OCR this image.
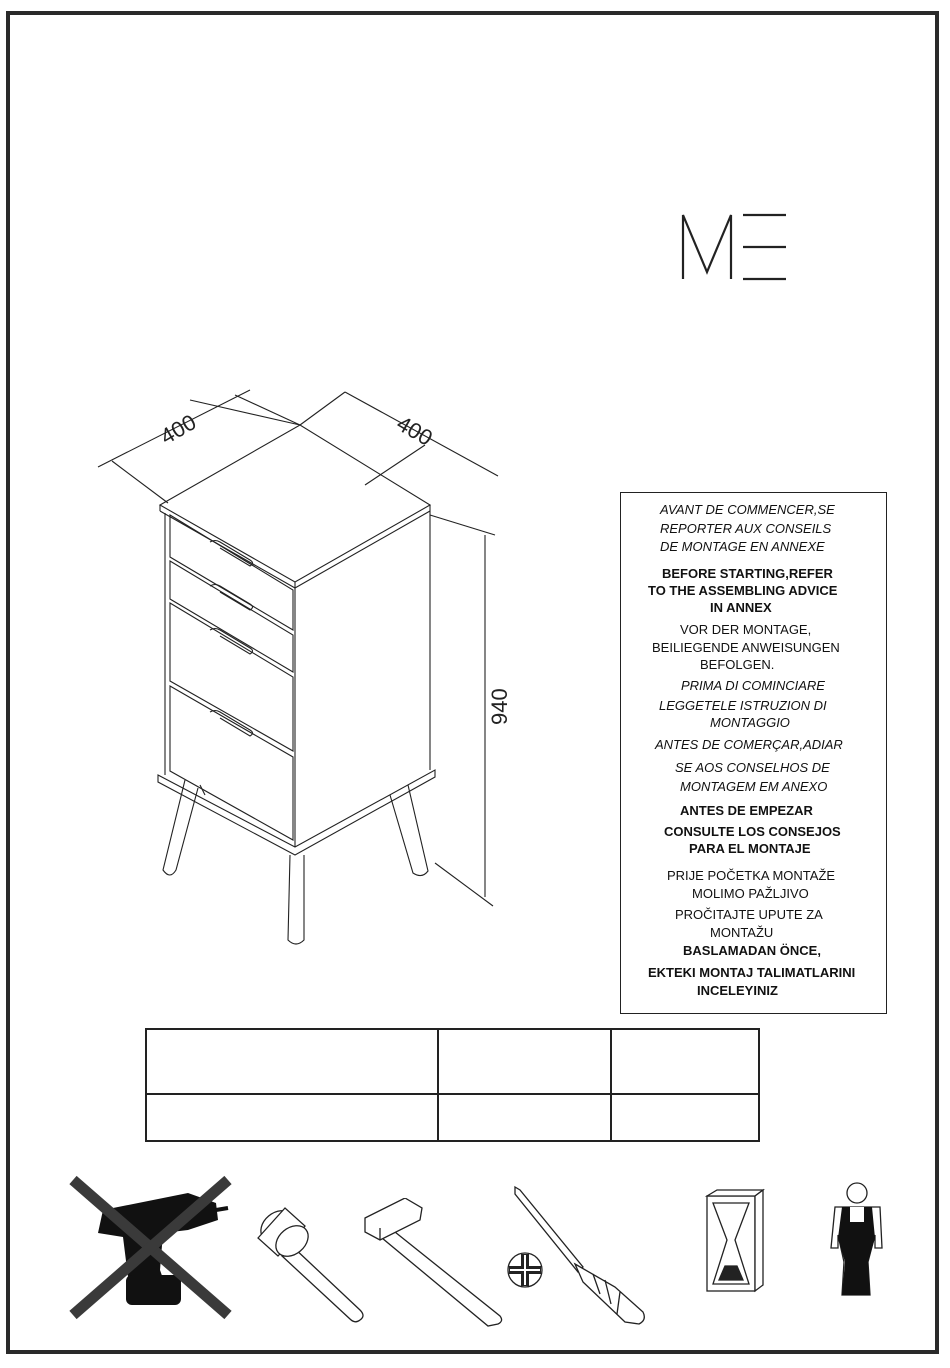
400	400
940
AVANT DE COMMENCER,SE
REPORTER AUX CONSEILS
DE MONTAGE EN ANNEXE
BEFORE STARTING,REFER
TO THE ASSEMBLING ADVICE
IN ANNEX
VOR DER MONTAGE,
BEILIEGENDE ANWEISUNGEN
BEFOLGEN.
PRIMA DI COMINCIARE
LEGGETELE ISTRUZION DI
MONTAGGIO
ANTES DE COMERÇAR,ADIAR
SE AOS CONSELHOS DE
MONTAGEM EM ANEXO
ANTES DE EMPEZAR
CONSULTE LOS CONSEJOS
PARA EL MONTAJE
PRIJE POČETKA MONTAŽE
MOLIMO PAŽLJIVO
PROČITAJTE UPUTE ZA
MONTAŽU
BASLAMADAN ÖNCE,
EKTEKI MONTAJ TALIMATLARINI
INCELEYINIZ
